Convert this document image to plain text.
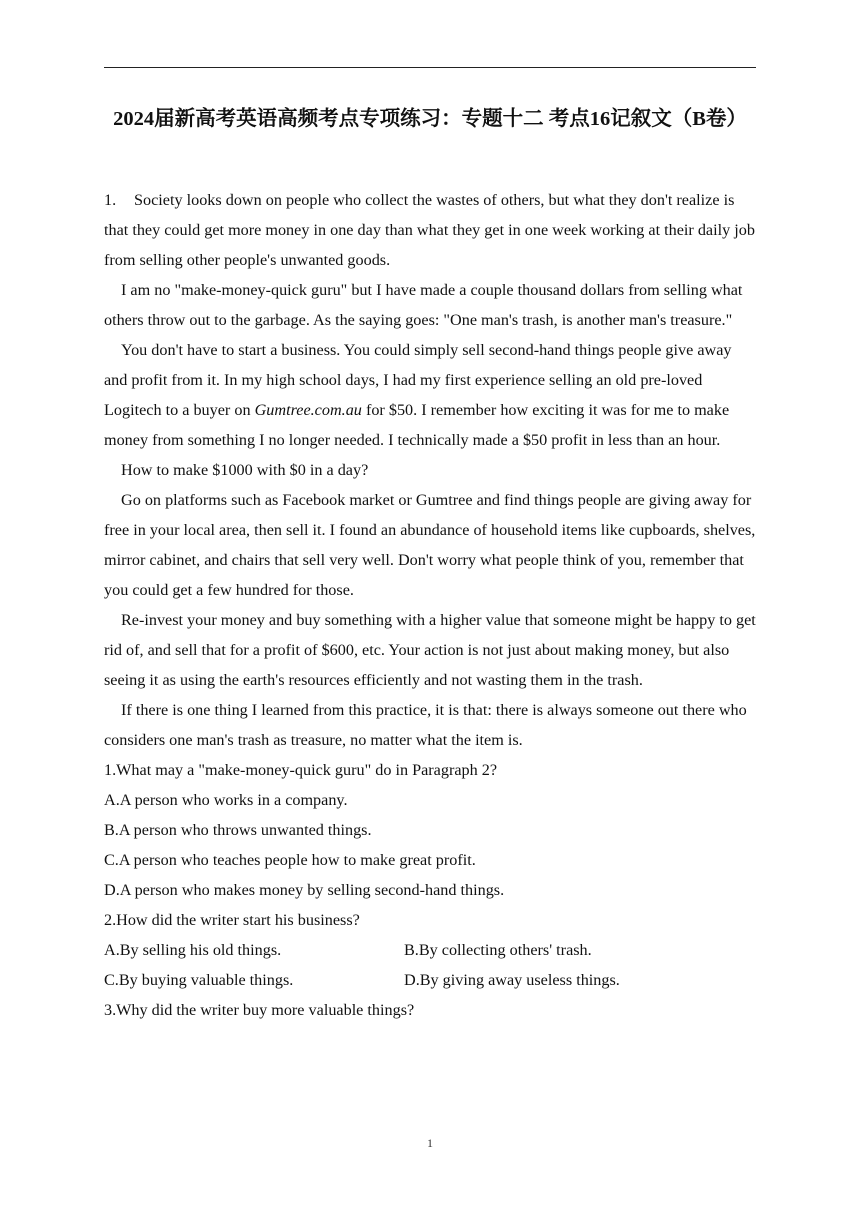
2024届新高考英语高频考点专项练习：专题十二 考点16记叙文（B卷）

1. Society looks down on people who collect the wastes of others, but what they don't realize is that they could get more money in one day than what they get in one week working at their daily job from selling other people's unwanted goods.

I am no "make-money-quick guru" but I have made a couple thousand dollars from selling what others throw out to the garbage. As the saying goes: "One man's trash, is another man's treasure."

You don't have to start a business. You could simply sell second-hand things people give away and profit from it. In my high school days, I had my first experience selling an old pre-loved Logitech to a buyer on Gumtree.com.au for $50. I remember how exciting it was for me to make money from something I no longer needed. I technically made a $50 profit in less than an hour.

How to make $1000 with $0 in a day?

Go on platforms such as Facebook market or Gumtree and find things people are giving away for free in your local area, then sell it. I found an abundance of household items like cupboards, shelves, mirror cabinet, and chairs that sell very well. Don't worry what people think of you, remember that you could get a few hundred for those.

Re-invest your money and buy something with a higher value that someone might be happy to get rid of, and sell that for a profit of $600, etc. Your action is not just about making money, but also seeing it as using the earth's resources efficiently and not wasting them in the trash.

If there is one thing I learned from this practice, it is that: there is always someone out there who considers one man's trash as treasure, no matter what the item is.

1.What may a "make-money-quick guru" do in Paragraph 2?

A.A person who works in a company.

B.A person who throws unwanted things.

C.A person who teaches people how to make great profit.

D.A person who makes money by selling second-hand things.

2.How did the writer start his business?

A.By selling his old things.	B.By collecting others' trash.
C.By buying valuable things.	D.By giving away useless things.

3.Why did the writer buy more valuable things?

1
